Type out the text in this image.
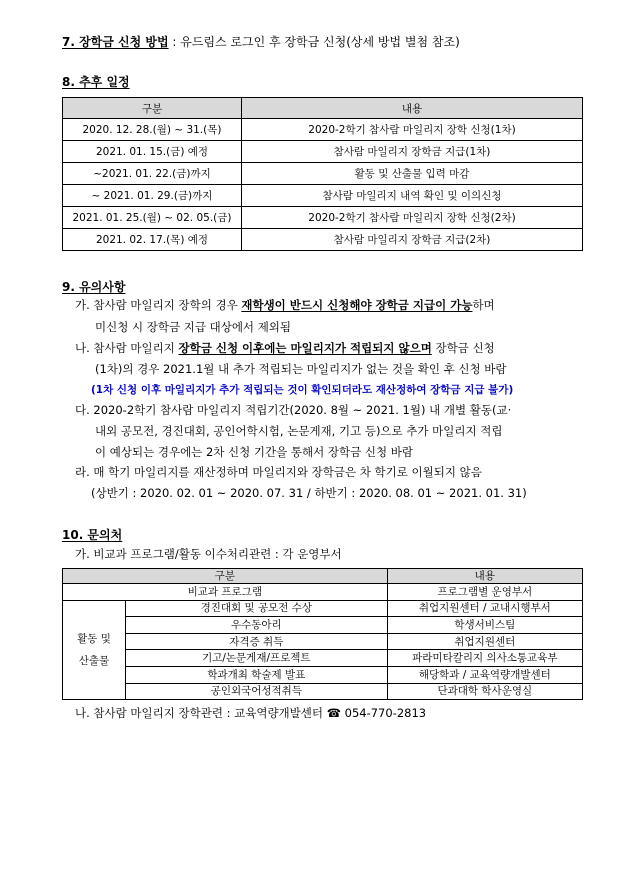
7. 장학금 신청 방법 : 유드림스 로그인 후 장학금 신청(상세 방법 별첨 참조)
8. 추후 일정
구분	내용
2020. 12. 28.(월) ~ 31.(목)	2020-2학기 참사람 마일리지 장학 신청(1차)
2021. 01. 15.(금) 예정	참사람 마일리지 장학금 지급(1차)
~2021. 01. 22.(금)까지	활동 및 산출물 입력 마감
~ 2021. 01. 29.(금)까지	참사람 마일리지 내역 확인 및 이의신청
2021. 01. 25.(월) ~ 02. 05.(금)	2020-2학기 참사람 마일리지 장학 신청(2차)
2021. 02. 17.(목) 예정	참사람 마일리지 장학금 지급(2차)
9. 유의사항
가. 참사람 마일리지 장학의 경우 재학생이 반드시 신청해야 장학금 지급이 가능하며
미신청 시 장학금 지급 대상에서 제외됨
나. 참사람 마일리지 장학금 신청 이후에는 마일리지가 적립되지 않으며 장학금 신청
(1차)의 경우 2021.1월 내 추가 적립되는 마일리지가 없는 것을 확인 후 신청 바람
(1차 신청 이후 마일리지가 추가 적립되는 것이 확인되더라도 재산정하여 장학금 지급 불가)
다. 2020-2학기 참사람 마일리지 적립기간(2020. 8월 ~ 2021. 1월) 내 개별 활동(교·
내외 공모전, 경진대회, 공인어학시험, 논문게재, 기고 등)으로 추가 마일리지 적립
이 예상되는 경우에는 2차 신청 기간을 통해서 장학금 신청 바람
라. 매 학기 마일리지를 재산정하며 마일리지와 장학금은 차 학기로 이월되지 않음
(상반기 : 2020. 02. 01 ~ 2020. 07. 31 / 하반기 : 2020. 08. 01 ~ 2021. 01. 31)
10. 문의처
가. 비교과 프로그램/활동 이수처리관련 : 각 운영부서
구분		내용
비교과 프로그램		프로그램별 운영부서
활동 및
산출물	경진대회 및 공모전 수상	취업지원센터 / 교내시행부서
	우수동아리	학생서비스팀
	자격증 취득	취업지원센터
	기고/논문게재/프로젝트	파라미타칼리지 의사소통교육부
	학과개최 학술제 발표	해당학과 / 교육역량개발센터
	공인외국어성적취득	단과대학 학사운영실
나. 참사람 마일리지 장학관련 : 교육역량개발센터 ☎ 054-770-2813
